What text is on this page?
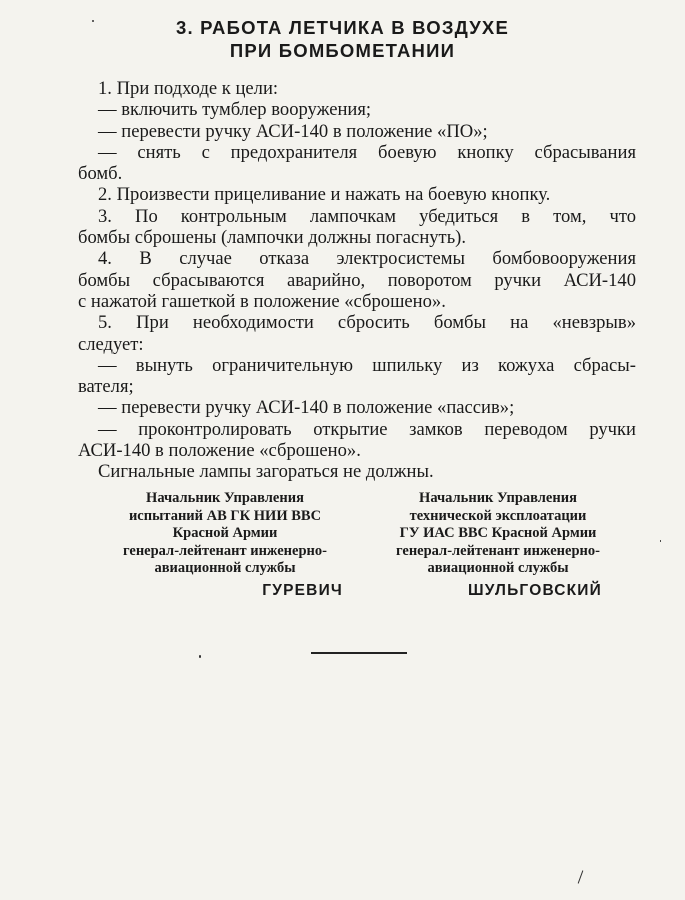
3. РАБОТА ЛЕТЧИКА В ВОЗДУХЕ
ПРИ БОМБОМЕТАНИИ

1. При подходе к цели:

— включить тумблер вооружения;

— перевести ручку АСИ-140 в положение «ПО»;

— снять с предохранителя боевую кнопку сбрасывания

бомб.

2. Произвести прицеливание и нажать на боевую кнопку.

3. По контрольным лампочкам убедиться в том, что

бомбы сброшены (лампочки должны погаснуть).

4. В случае отказа электросистемы бомбовооружения

бомбы сбрасываются аварийно, поворотом ручки АСИ-140

с нажатой гашеткой в положение «сброшено».

5. При необходимости сбросить бомбы на «невзрыв»

следует:

— вынуть ограничительную шпильку из кожуха сбрасы-

вателя;

— перевести ручку АСИ-140 в положение «пассив»;

— проконтролировать открытие замков переводом ручки

АСИ-140 в положение «сброшено».

Сигнальные лампы загораться не должны.

Начальник Управления
испытаний АВ ГК НИИ ВВС
Красной Армии
генерал-лейтенант инженерно-
авиационной службы
ГУРЕВИЧ
Начальник Управления
технической эксплоатации
ГУ ИАС ВВС Красной Армии
генерал-лейтенант инженерно-
авиационной службы
ШУЛЬГОВСКИЙ
